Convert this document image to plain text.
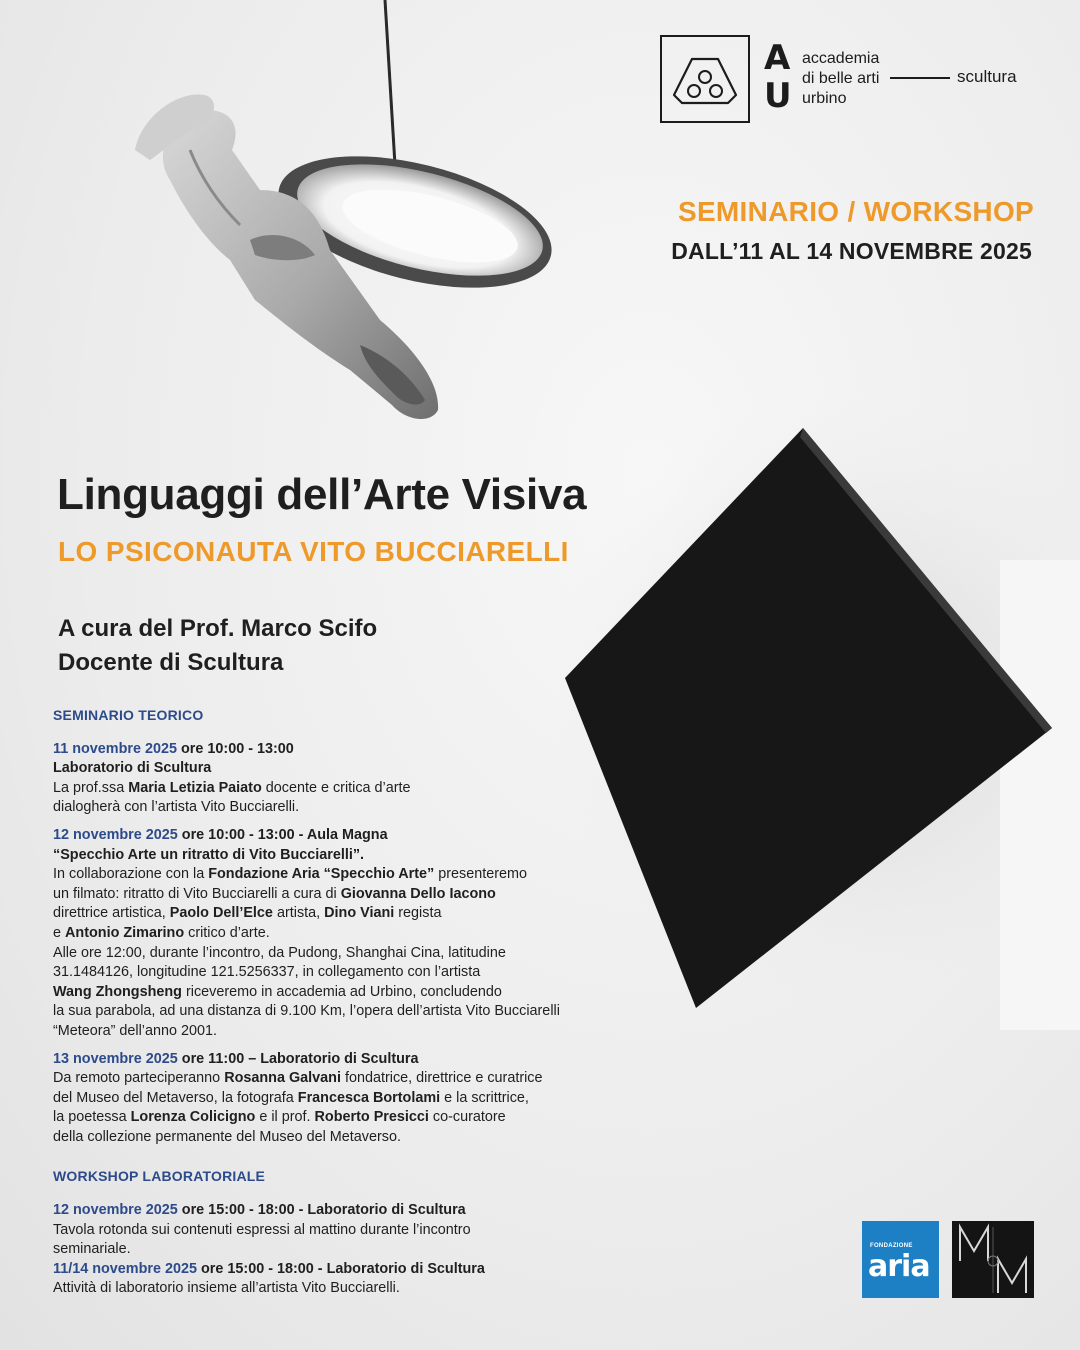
A
U
accademia
di belle arti
urbino
scultura
SEMINARIO / WORKSHOP
DALL’11 AL 14 NOVEMBRE 2025
Linguaggi dell’Arte Visiva
LO PSICONAUTA VITO BUCCIARELLI
A cura del Prof. Marco Scifo
Docente di Scultura
SEMINARIO TEORICO
11 novembre 2025 ore 10:00 - 13:00
Laboratorio di Scultura
La prof.ssa Maria Letizia Paiato docente e critica d’arte
dialogherà con l’artista Vito Bucciarelli.
12 novembre 2025 ore 10:00 - 13:00 - Aula Magna
“Specchio Arte un ritratto di Vito Bucciarelli”.
In collaborazione con la Fondazione Aria “Specchio Arte” presenteremo
un filmato: ritratto di Vito Bucciarelli a cura di Giovanna Dello Iacono
direttrice artistica, Paolo Dell’Elce artista, Dino Viani regista
e Antonio Zimarino critico d’arte.
Alle ore 12:00, durante l’incontro, da Pudong, Shanghai Cina, latitudine
31.1484126, longitudine 121.5256337, in collegamento con l’artista
Wang Zhongsheng riceveremo in accademia ad Urbino, concludendo
la sua parabola, ad una distanza di 9.100 Km, l’opera dell’artista Vito Bucciarelli
“Meteora” dell’anno 2001.
13 novembre 2025 ore 11:00 – Laboratorio di Scultura
Da remoto parteciperanno Rosanna Galvani fondatrice, direttrice e curatrice
del Museo del Metaverso, la fotografa Francesca Bortolami e la scrittrice,
la poetessa Lorenza Colicigno e il prof. Roberto Presicci co-curatore
della collezione permanente del Museo del Metaverso.
WORKSHOP LABORATORIALE
12 novembre 2025 ore 15:00 - 18:00 - Laboratorio di Scultura
Tavola rotonda sui contenuti espressi al mattino durante l’incontro
seminariale.
11/14 novembre 2025 ore 15:00 - 18:00 - Laboratorio di Scultura
Attività di laboratorio insieme all’artista Vito Bucciarelli.
FONDAZIONE
aria
